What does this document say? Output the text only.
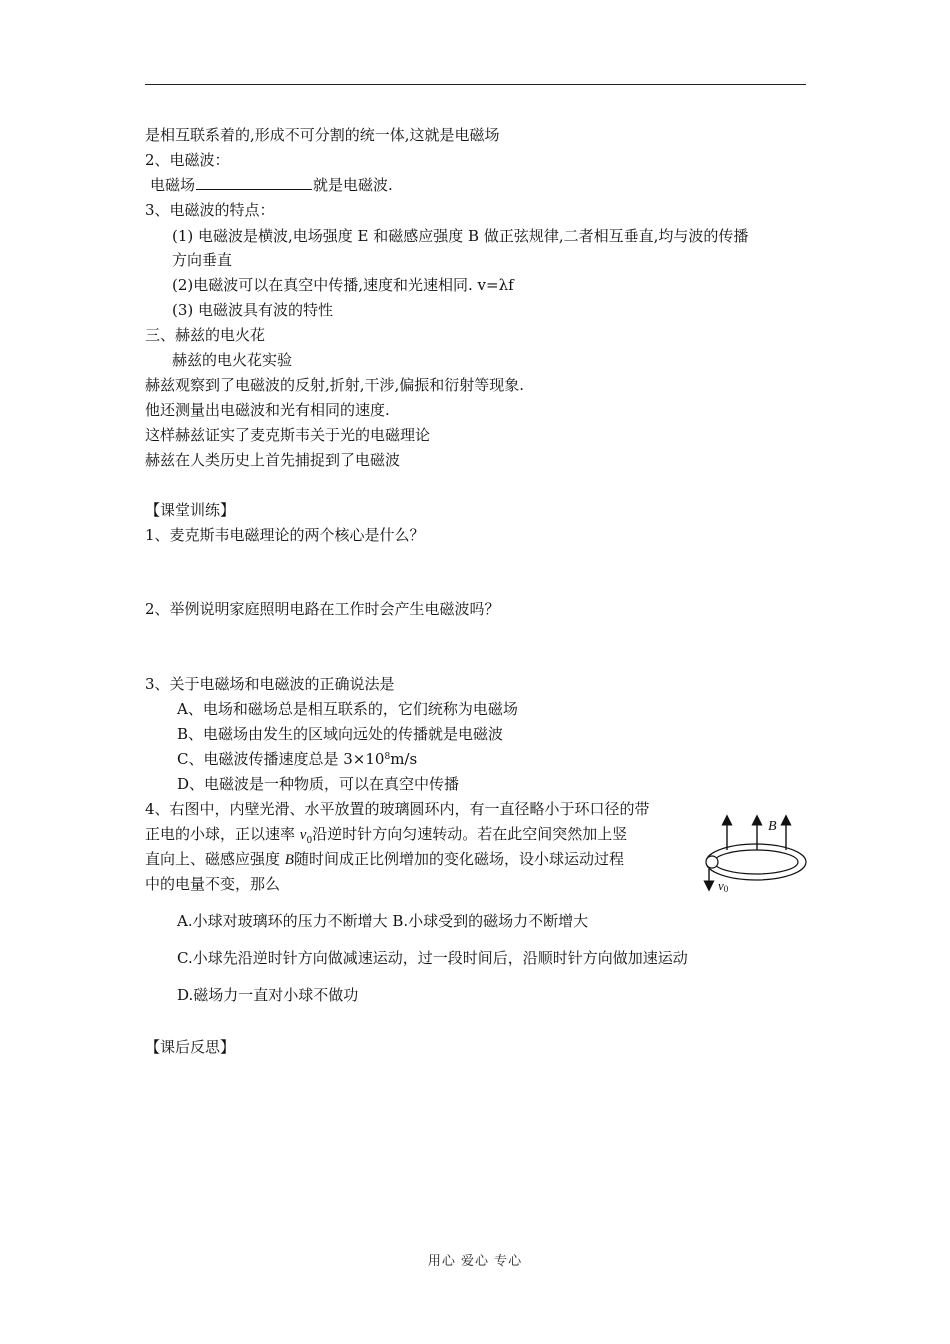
是相互联系着的,形成不可分割的统一体,这就是电磁场
2、电磁波：
电磁场	就是电磁波.
3、电磁波的特点：
(1) 电磁波是横波,电场强度 E 和磁感应强度 B 做正弦规律,二者相互垂直,均与波的传播
方向垂直
(2)电磁波可以在真空中传播,速度和光速相同. v=λf
(3) 电磁波具有波的特性
三、赫兹的电火花
赫兹的电火花实验
赫兹观察到了电磁波的反射,折射,干涉,偏振和衍射等现象.
他还测量出电磁波和光有相同的速度.
这样赫兹证实了麦克斯韦关于光的电磁理论
赫兹在人类历史上首先捕捉到了电磁波
【课堂训练】
1、麦克斯韦电磁理论的两个核心是什么？
2、举例说明家庭照明电路在工作时会产生电磁波吗？
3、关于电磁场和电磁波的正确说法是
A、电场和磁场总是相互联系的，它们统称为电磁场
B、电磁场由发生的区域向远处的传播就是电磁波
C、电磁波传播速度总是 $3\times 10^8m/s$
D、电磁波是一种物质，可以在真空中传播
4、右图中，内壁光滑、水平放置的玻璃圆环内，有一直径略小于环口径的带
正电的小球，正以速率 $v_0$沿逆时针方向匀速转动。若在此空间突然加上竖
直向上、磁感应强度 B随时间成正比例增加的变化磁场，设小球运动过程
中的电量不变，那么
A.小球对玻璃环的压力不断增大 B.小球受到的磁场力不断增大
C.小球先沿逆时针方向做减速运动，过一段时间后，沿顺时针方向做加速运动
D.磁场力一直对小球不做功
【课后反思】
B
v0
用心 爱心 专心
